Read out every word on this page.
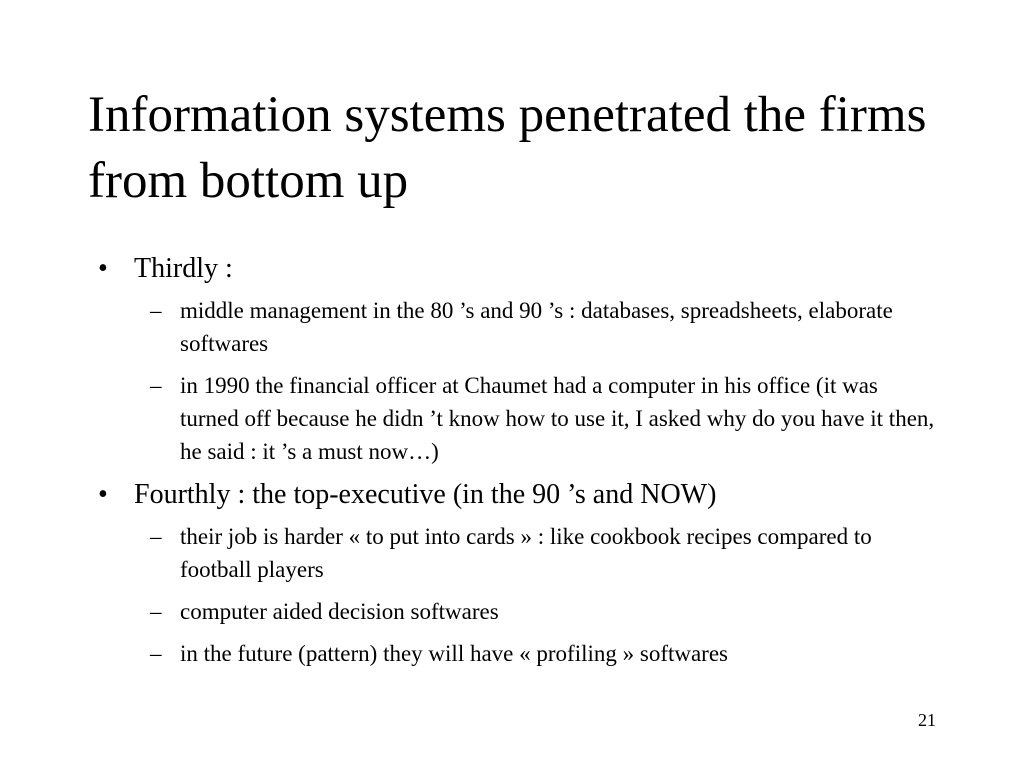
Information systems penetrated the firms from bottom up
• Thirdly :
– middle management in the 80 ’s and 90 ’s : databases, spreadsheets, elaborate softwares
– in 1990 the financial officer at Chaumet had a computer in his office (it was turned off because he didn ’t know how to use it, I asked why do you have it then, he said : it ’s a must now…)
• Fourthly : the top-executive (in the 90 ’s and NOW)
– their job is harder « to put into cards » : like cookbook recipes compared to football players
– computer aided decision softwares
– in the future (pattern) they will have « profiling » softwares
21
